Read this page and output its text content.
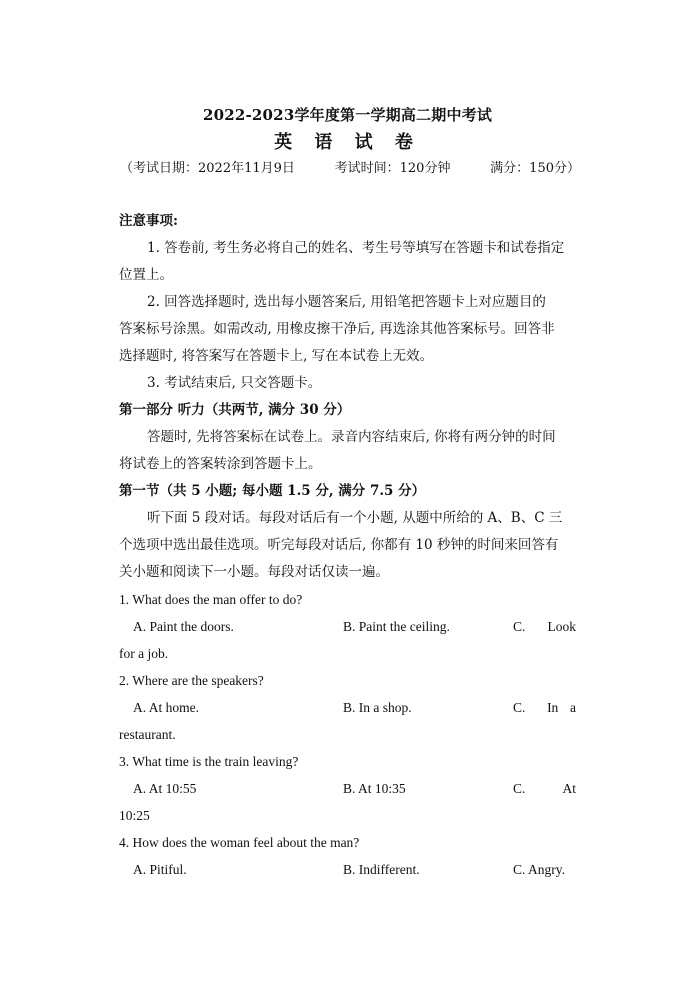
2022-2023学年度第一学期高二期中考试
英 语 试 卷
（考试日期：2022年11月9日	考试时间：120分钟	满分：150分）
注意事项:
1. 答卷前, 考生务必将自己的姓名、考生号等填写在答题卡和试卷指定
位置上。
2. 回答选择题时, 选出每小题答案后, 用铅笔把答题卡上对应题目的
答案标号涂黑。如需改动, 用橡皮擦干净后, 再选涂其他答案标号。回答非
选择题时, 将答案写在答题卡上, 写在本试卷上无效。
3. 考试结束后, 只交答题卡。
第一部分 听力（共两节, 满分 30 分）
答题时, 先将答案标在试卷上。录音内容结束后, 你将有两分钟的时间
将试卷上的答案转涂到答题卡上。
第一节（共 5 小题; 每小题 1.5 分, 满分 7.5 分）
听下面 5 段对话。每段对话后有一个小题, 从题中所给的 A、B、C 三
个选项中选出最佳选项。听完每段对话后, 你都有 10 秒钟的时间来回答有
关小题和阅读下一小题。每段对话仅读一遍。
1. What does the man offer to do?
A. Paint the doors.	B. Paint the ceiling.	C. Look
for a job.
2. Where are the speakers?
A. At home.	B. In a shop.	C.	In a
restaurant.
3. What time is the train leaving?
A. At 10:55	B. At 10:35	C.	At
10:25
4. How does the woman feel about the man?
A. Pitiful.	B. Indifferent.	C. Angry.
